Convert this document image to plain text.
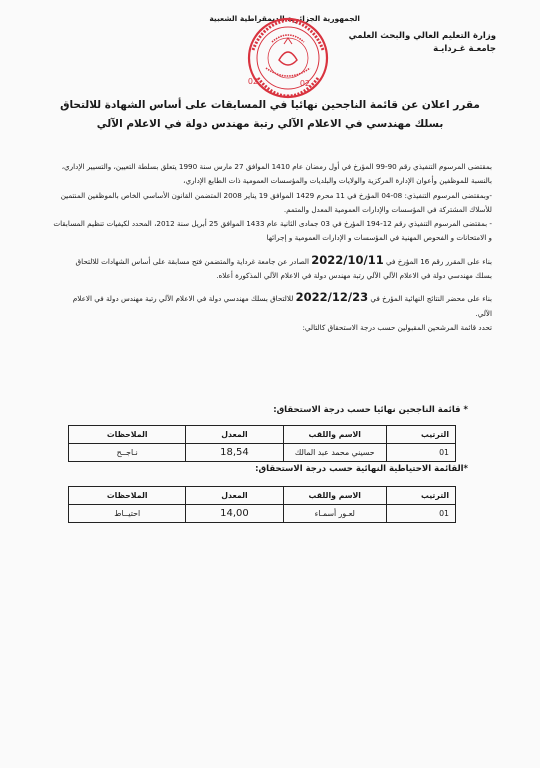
الجمهورية الجزائرية الديمقراطية الشعبية
وزارة التعليم العالي والبحث العلمي
جامعـة غـردايـة
02	02
مقرر اعلان عن قائمة الناجحين نهائيا في المسابقات على أساس الشهادة للالتحاق
بسلك مهندسي في الاعلام الآلي رتبة مهندس دولة في الاعلام الآلي

بمقتضى المرسوم التنفيذي رقم 90-99 المؤرخ في أول رمضان عام 1410 الموافق 27 مارس سنة 1990 يتعلق بسلطة التعيين، والتسيير الإداري،

بالنسبة للموظفين وأعوان الإدارة المركزية والولايات والبلديات والمؤسسات العمومية ذات الطابع الإداري،

-وبمقتضى المرسوم التنفيذي: 08-04 المؤرخ في 11 محرم 1429 الموافق 19 يناير 2008 المتضمن القانون الأساسي الخاص بالموظفين المنتمين

للأسلاك المشتركة في المؤسسات والإدارات العمومية المعدل والمتمم.

- بمقتضى المرسوم التنفيذي رقم 12-194 المؤرخ في 03 جمادى الثانية عام 1433 الموافق 25 أبريل سنة 2012، المحدد لكيفيات تنظيم المسابقات

و الامتحانات و الفحوص المهنية في المؤسسات و الإدارات العمومية و إجرائها

بناء على المقرر رقم 16 المؤرخ في 2022/10/11 الصادر عن جامعة غرداية والمتضمن فتح مسابقة على أساس الشهادات للالتحاق

بسلك مهندسي دولة في الاعلام الآلي الآلي رتبة مهندس دولة في الاعلام الآلي المذكورة أعلاه.

بناء على محضر النتائج النهائية المؤرخ في 2022/12/23 للالتحاق بسلك مهندسي دولة في الاعلام الآلي رتبة مهندس دولة في الاعلام

الآلي.

تحدد قائمة المرشحين المقبولين حسب درجة الاستحقاق كالتالي:

* قائمة الناجحين نهائيا حسب درجة الاستحقاق:
الترتيب	الاسم واللقب	المعدل	الملاحظات
01	حسيني محمد عبد المالك	18,54	نـاجــح
*القائمة الاحتياطية النهائية حسب درجة الاستحقاق:
الترتيب	الاسم واللقب	المعدل	الملاحظات
01	لعـور أسمـاء	14,00	احتيــاط
